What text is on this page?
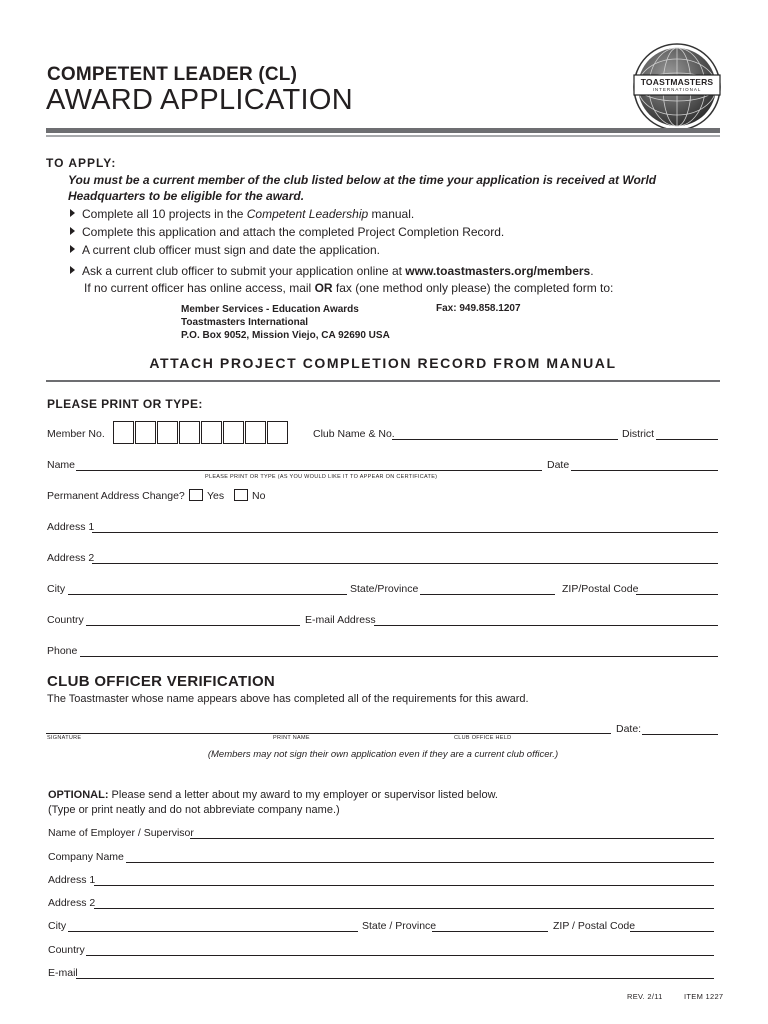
COMPETENT LEADER (CL)
AWARD APPLICATION
TOASTMASTERS
INTERNATIONAL
TO APPLY:
You must be a current member of the club listed below at the time your application is received at World Headquarters to be eligible for the award.
Complete all 10 projects in the Competent Leadership manual.
Complete this application and attach the completed Project Completion Record.
A current club officer must sign and date the application.
Ask a current club officer to submit your application online at www.toastmasters.org/members.
If no current officer has online access, mail OR fax (one method only please) the completed form to:
Member Services - Education Awards
Toastmasters International
P.O. Box 9052, Mission Viejo, CA 92690 USA
Fax: 949.858.1207
ATTACH PROJECT COMPLETION RECORD FROM MANUAL
PLEASE PRINT OR TYPE:
Member No.	Club Name & No.	District
Name
PLEASE PRINT OR TYPE (AS YOU WOULD LIKE IT TO APPEAR ON CERTIFICATE)
Date
Permanent Address Change? Yes	No
Address 1
Address 2
City	State/Province	ZIP/Postal Code
Country	E-mail Address
Phone
CLUB OFFICER VERIFICATION
The Toastmaster whose name appears above has completed all of the requirements for this award.
Date:
SIGNATURE	PRINT NAME	CLUB OFFICE HELD
(Members may not sign their own application even if they are a current club officer.)
OPTIONAL: Please send a letter about my award to my employer or supervisor listed below.
(Type or print neatly and do not abbreviate company name.)
Name of Employer / Supervisor
Company Name
Address 1
Address 2
City	State / Province	ZIP / Postal Code
Country
E-mail
REV. 2/11	ITEM 1227
